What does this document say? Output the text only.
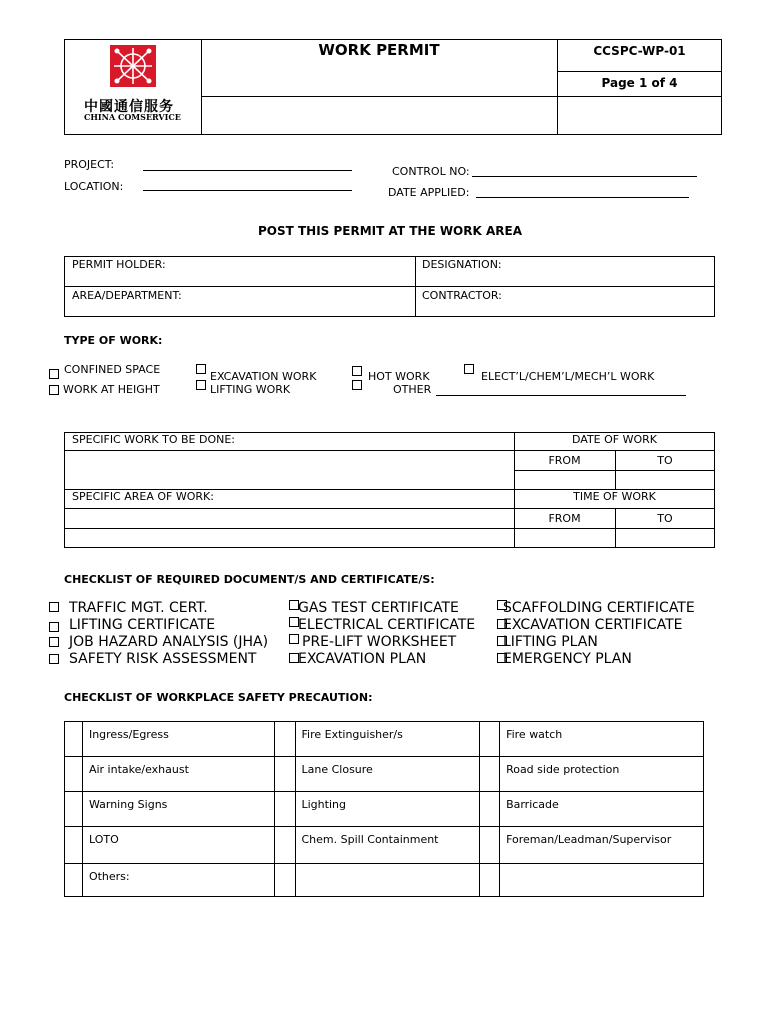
中國通信服务
CHINA COMSERVICE
WORK PERMIT	CCSPC-WP-01
Page 1 of 4
PROJECT:
LOCATION:
CONTROL NO:
DATE APPLIED:
POST THIS PERMIT AT THE WORK AREA
PERMIT HOLDER:	DESIGNATION:
AREA/DEPARTMENT:	CONTRACTOR:
TYPE OF WORK:
CONFINED SPACE
WORK AT HEIGHT
EXCAVATION WORK
LIFTING WORK
HOT WORK
OTHER
ELECT’L/CHEM’L/MECH’L WORK
SPECIFIC WORK TO BE DONE:	DATE OF WORK
FROM	TO
SPECIFIC AREA OF WORK:	TIME OF WORK
FROM	TO
CHECKLIST OF REQUIRED DOCUMENT/S AND CERTIFICATE/S:
TRAFFIC MGT. CERT.
LIFTING CERTIFICATE
JOB HAZARD ANALYSIS (JHA)
SAFETY RISK ASSESSMENT
GAS TEST CERTIFICATE
ELECTRICAL CERTIFICATE
PRE-LIFT WORKSHEET
EXCAVATION PLAN
SCAFFOLDING CERTIFICATE
EXCAVATION CERTIFICATE
LIFTING PLAN
EMERGENCY PLAN
CHECKLIST OF WORKPLACE SAFETY PRECAUTION:
	Ingress/Egress		Fire Extinguisher/s		Fire watch
	Air intake/exhaust		Lane Closure		Road side protection
	Warning Signs		Lighting		Barricade
	LOTO		Chem. Spill Containment		Foreman/Leadman/Supervisor
	Others:				
